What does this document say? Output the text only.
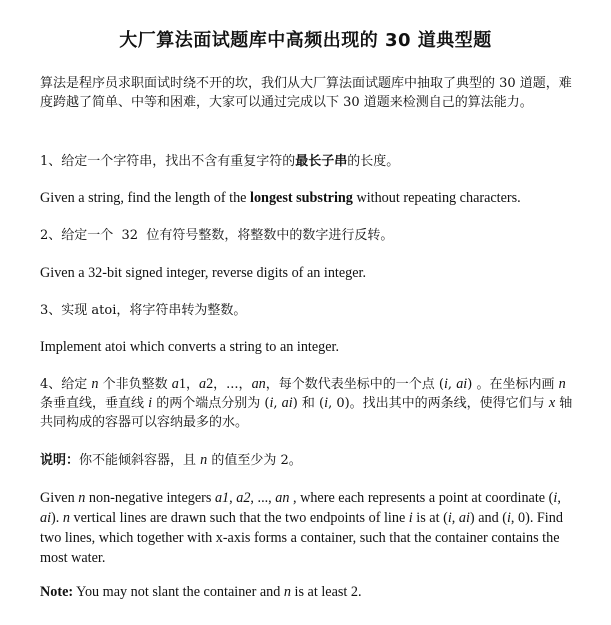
大厂算法面试题库中高频出现的 30 道典型题

算法是程序员求职面试时绕不开的坎，我们从大厂算法面试题库中抽取了典型的 30 道题，难度跨越了简单、中等和困难，大家可以通过完成以下 30 道题来检测自己的算法能力。

1、给定一个字符串，找出不含有重复字符的最长子串的长度。

Given a string, find the length of the longest substring without repeating characters.

2、给定一个  32  位有符号整数，将整数中的数字进行反转。

Given a 32-bit signed integer, reverse digits of an integer.

3、实现 atoi，将字符串转为整数。

Implement atoi which converts a string to an integer.

4、给定 n 个非负整数 a1，a2，...，an，每个数代表坐标中的一个点 (i, ai) 。在坐标内画 n 条垂直线，垂直线 i 的两个端点分别为 (i, ai) 和 (i, 0)。找出其中的两条线，使得它们与 x 轴共同构成的容器可以容纳最多的水。

说明：你不能倾斜容器，且 n 的值至少为 2。

Given n non-negative integers a1, a2, ..., an , where each represents a point at coordinate (i, ai). n vertical lines are drawn such that the two endpoints of line i is at (i, ai) and (i, 0). Find two lines, which together with x-axis forms a container, such that the container contains the most water.

Note: You may not slant the container and n is at least 2.
